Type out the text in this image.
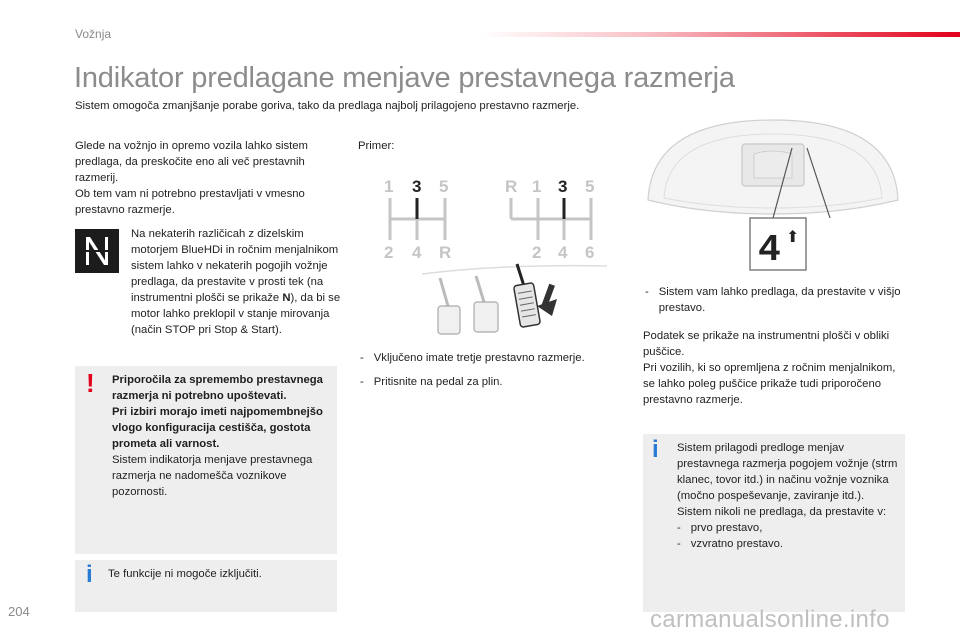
Vožnja
Indikator predlagane menjave prestavnega razmerja
Sistem omogoča zmanjšanje porabe goriva, tako da predlaga najbolj prilagojeno prestavno razmerje.
Glede na vožnjo in opremo vozila lahko sistem predlaga, da preskočite eno ali več prestavnih razmerij.
Ob tem vam ni potrebno prestavljati v vmesno prestavno razmerje.
Na nekaterih različicah z dizelskim motorjem BlueHDi in ročnim menjalnikom sistem lahko v nekaterih pogojih vožnje predlaga, da prestavite v prosti tek (na instrumentni plošči se prikaže N), da bi se motor lahko preklopil v stanje mirovanja (način STOP pri Stop & Start).
! Priporočila za spremembo prestavnega razmerja ni potrebno upoštevati.
Pri izbiri morajo imeti najpomembnejšo vlogo konfiguracija cestišča, gostota prometa ali varnost.
Sistem indikatorja menjave prestavnega razmerja ne nadomešča voznikove pozornosti.
i Te funkcije ni mogoče izključiti.
Primer:
1 3 5
2 4 R
R 1 3 5
2 4 6
- Vključeno imate tretje prestavno razmerje.
- Pritisnite na pedal za plin.
4 ⬆
- Sistem vam lahko predlaga, da prestavite v višjo prestavo.
Podatek se prikaže na instrumentni plošči v obliki puščice.
Pri vozilih, ki so opremljena z ročnim menjalnikom, se lahko poleg puščice prikaže tudi priporočeno prestavno razmerje.
i Sistem prilagodi predloge menjav prestavnega razmerja pogojem vožnje (strm klanec, tovor itd.) in načinu vožnje voznika (močno pospeševanje, zaviranje itd.).
Sistem nikoli ne predlaga, da prestavite v:
- prvo prestavo,
- vzvratno prestavo.
204	carmanualsonline.info
